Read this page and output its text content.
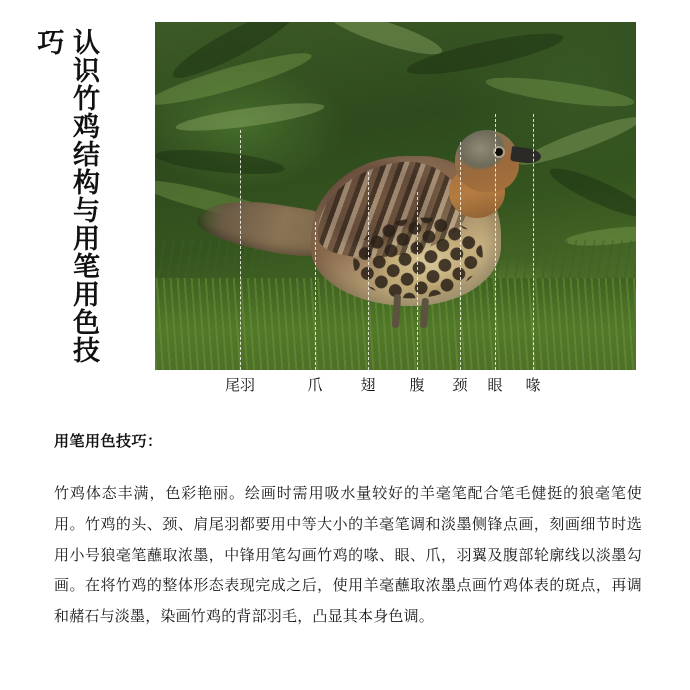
认识竹鸡结构与用笔用色技巧
尾羽	爪	翅 腹 颈 眼 喙
用笔用色技巧：
竹鸡体态丰满，色彩艳丽。绘画时需用吸水量较好的羊毫笔配合笔毛健挺的狼毫笔使用。竹鸡的头、颈、肩尾羽都要用中等大小的羊毫笔调和淡墨侧锋点画，刻画细节时选用小号狼毫笔蘸取浓墨，中锋用笔勾画竹鸡的喙、眼、爪，羽翼及腹部轮廓线以淡墨勾画。在将竹鸡的整体形态表现完成之后，使用羊毫蘸取浓墨点画竹鸡体表的斑点，再调和赭石与淡墨，染画竹鸡的背部羽毛，凸显其本身色调。
